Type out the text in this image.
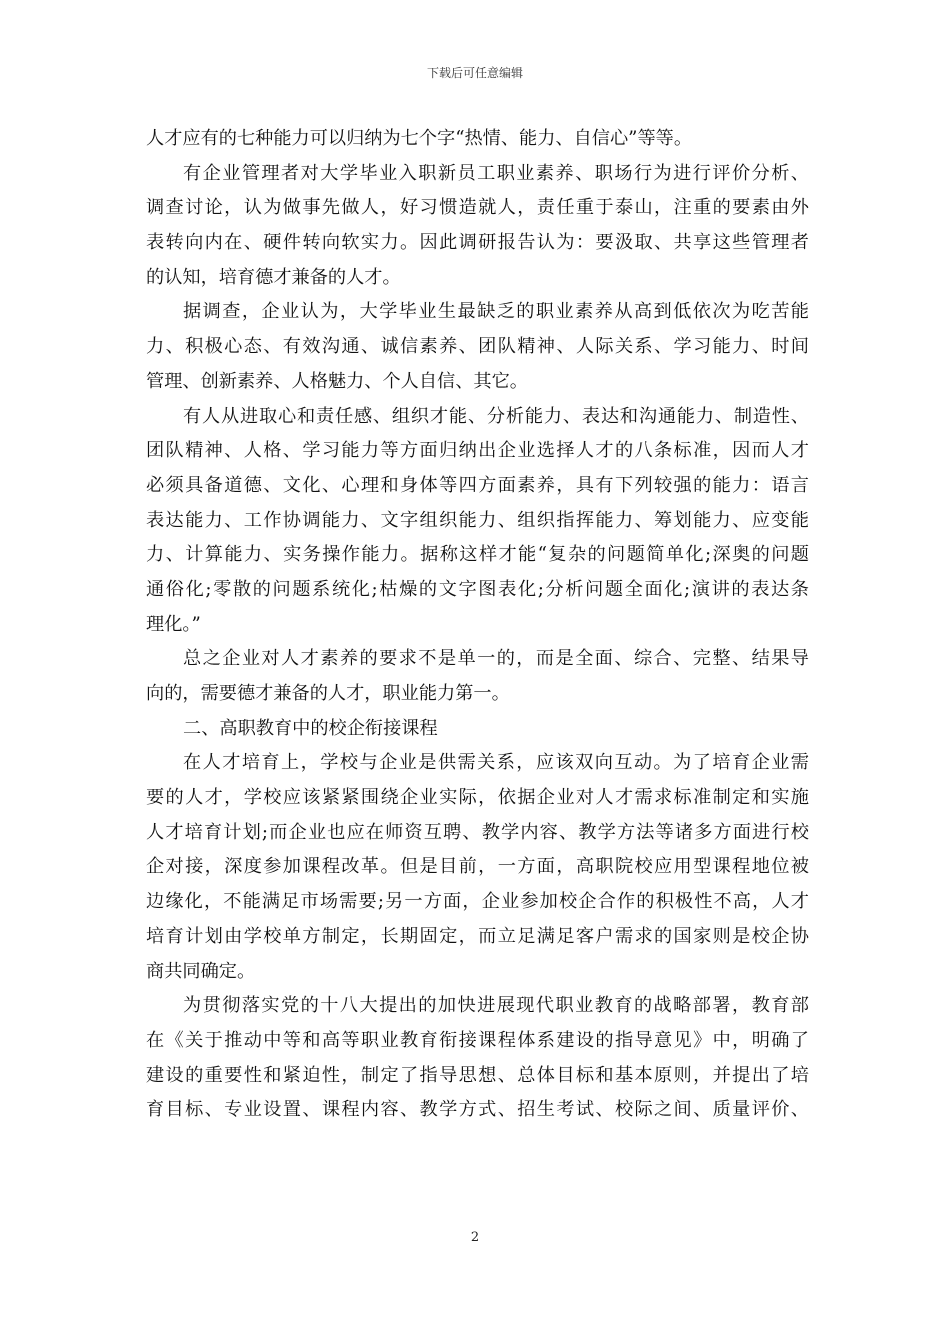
下载后可任意编辑
人才应有的七种能力可以归纳为七个字“热情、能力、自信心”等等。
有企业管理者对大学毕业入职新员工职业素养、职场行为进行评价分析、
调查讨论，认为做事先做人，好习惯造就人，责任重于泰山，注重的要素由外
表转向内在、硬件转向软实力。因此调研报告认为：要汲取、共享这些管理者
的认知，培育德才兼备的人才。
据调查，企业认为，大学毕业生最缺乏的职业素养从高到低依次为吃苦能
力、积极心态、有效沟通、诚信素养、团队精神、人际关系、学习能力、时间
管理、创新素养、人格魅力、个人自信、其它。
有人从进取心和责任感、组织才能、分析能力、表达和沟通能力、制造性、
团队精神、人格、学习能力等方面归纳出企业选择人才的八条标准，因而人才
必须具备道德、文化、心理和身体等四方面素养，具有下列较强的能力：语言
表达能力、工作协调能力、文字组织能力、组织指挥能力、筹划能力、应变能
力、计算能力、实务操作能力。据称这样才能“复杂的问题简单化;深奥的问题
通俗化;零散的问题系统化;枯燥的文字图表化;分析问题全面化;演讲的表达条
理化。”
总之企业对人才素养的要求不是单一的，而是全面、综合、完整、结果导
向的，需要德才兼备的人才，职业能力第一。
二、高职教育中的校企衔接课程
在人才培育上，学校与企业是供需关系，应该双向互动。为了培育企业需
要的人才，学校应该紧紧围绕企业实际，依据企业对人才需求标准制定和实施
人才培育计划;而企业也应在师资互聘、教学内容、教学方法等诸多方面进行校
企对接，深度参加课程改革。但是目前，一方面，高职院校应用型课程地位被
边缘化，不能满足市场需要;另一方面，企业参加校企合作的积极性不高，人才
培育计划由学校单方制定，长期固定，而立足满足客户需求的国家则是校企协
商共同确定。
为贯彻落实党的十八大提出的加快进展现代职业教育的战略部署，教育部
在《关于推动中等和高等职业教育衔接课程体系建设的指导意见》中，明确了
建设的重要性和紧迫性，制定了指导思想、总体目标和基本原则，并提出了培
育目标、专业设置、课程内容、教学方式、招生考试、校际之间、质量评价、
2
